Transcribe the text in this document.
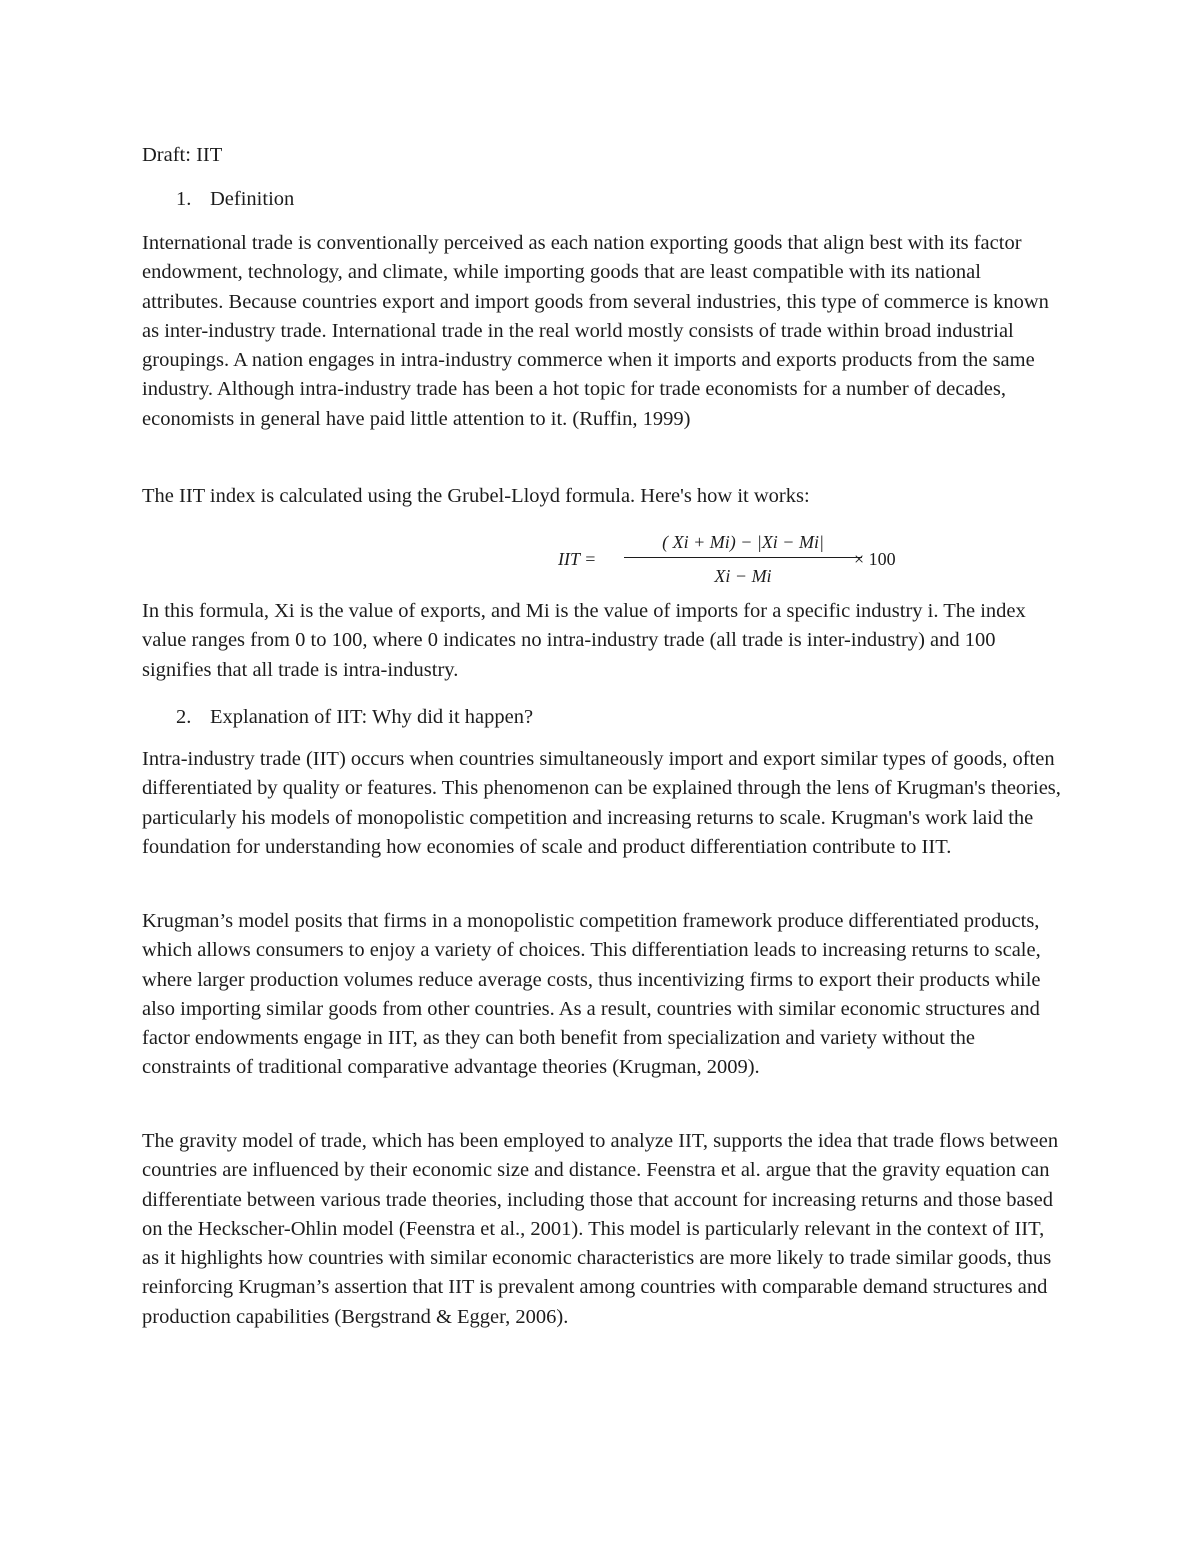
Draft: IIT
1. Definition

International trade is conventionally perceived as each nation exporting goods that align best with its factor endowment, technology, and climate, while importing goods that are least compatible with its national attributes. Because countries export and import goods from several industries, this type of commerce is known as inter-industry trade. International trade in the real world mostly consists of trade within broad industrial groupings. A nation engages in intra-industry commerce when it imports and exports products from the same industry. Although intra-industry trade has been a hot topic for trade economists for a number of decades, economists in general have paid little attention to it. (Ruffin, 1999)

The IIT index is calculated using the Grubel-Lloyd formula. Here's how it works:

IIT =
( Xi + Mi) − |Xi − Mi|
Xi − Mi
× 100

In this formula, Xi is the value of exports, and Mi is the value of imports for a specific industry i. The index value ranges from 0 to 100, where 0 indicates no intra-industry trade (all trade is inter-industry) and 100 signifies that all trade is intra-industry.

2. Explanation of IIT: Why did it happen?

Intra-industry trade (IIT) occurs when countries simultaneously import and export similar types of goods, often differentiated by quality or features. This phenomenon can be explained through the lens of Krugman's theories, particularly his models of monopolistic competition and increasing returns to scale. Krugman's work laid the foundation for understanding how economies of scale and product differentiation contribute to IIT.

Krugman’s model posits that firms in a monopolistic competition framework produce differentiated products, which allows consumers to enjoy a variety of choices. This differentiation leads to increasing returns to scale, where larger production volumes reduce average costs, thus incentivizing firms to export their products while also importing similar goods from other countries. As a result, countries with similar economic structures and factor endowments engage in IIT, as they can both benefit from specialization and variety without the constraints of traditional comparative advantage theories (Krugman, 2009).

The gravity model of trade, which has been employed to analyze IIT, supports the idea that trade flows between countries are influenced by their economic size and distance. Feenstra et al. argue that the gravity equation can differentiate between various trade theories, including those that account for increasing returns and those based on the Heckscher-Ohlin model (Feenstra et al., 2001). This model is particularly relevant in the context of IIT, as it highlights how countries with similar economic characteristics are more likely to trade similar goods, thus reinforcing Krugman’s assertion that IIT is prevalent among countries with comparable demand structures and production capabilities (Bergstrand & Egger, 2006).
